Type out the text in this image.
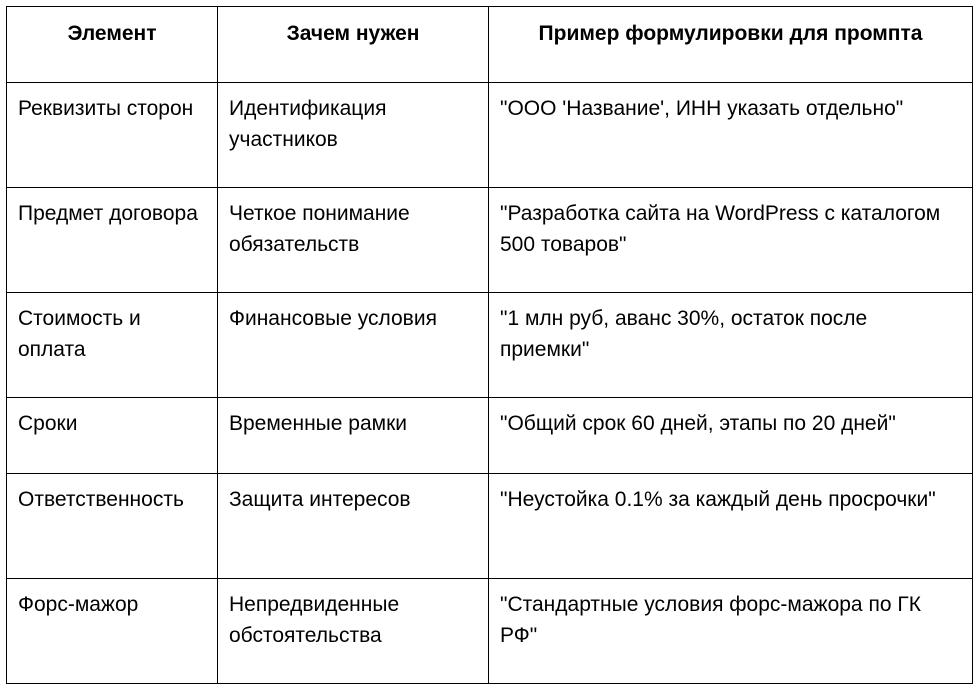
Элемент	Зачем нужен	Пример формулировки для промпта
Реквизиты сторон	Идентификация участников	"ООО 'Название', ИНН указать отдельно"
Предмет договора	Четкое понимание обязательств	"Разработка сайта на WordPress с каталогом 500 товаров"
Стоимость и оплата	Финансовые условия	"1 млн руб, аванс 30%, остаток после приемки"
Сроки	Временные рамки	"Общий срок 60 дней, этапы по 20 дней"
Ответственность	Защита интересов	"Неустойка 0.1% за каждый день просрочки"
Форс-мажор	Непредвиденные обстоятельства	"Стандартные условия форс-мажора по ГК РФ"
